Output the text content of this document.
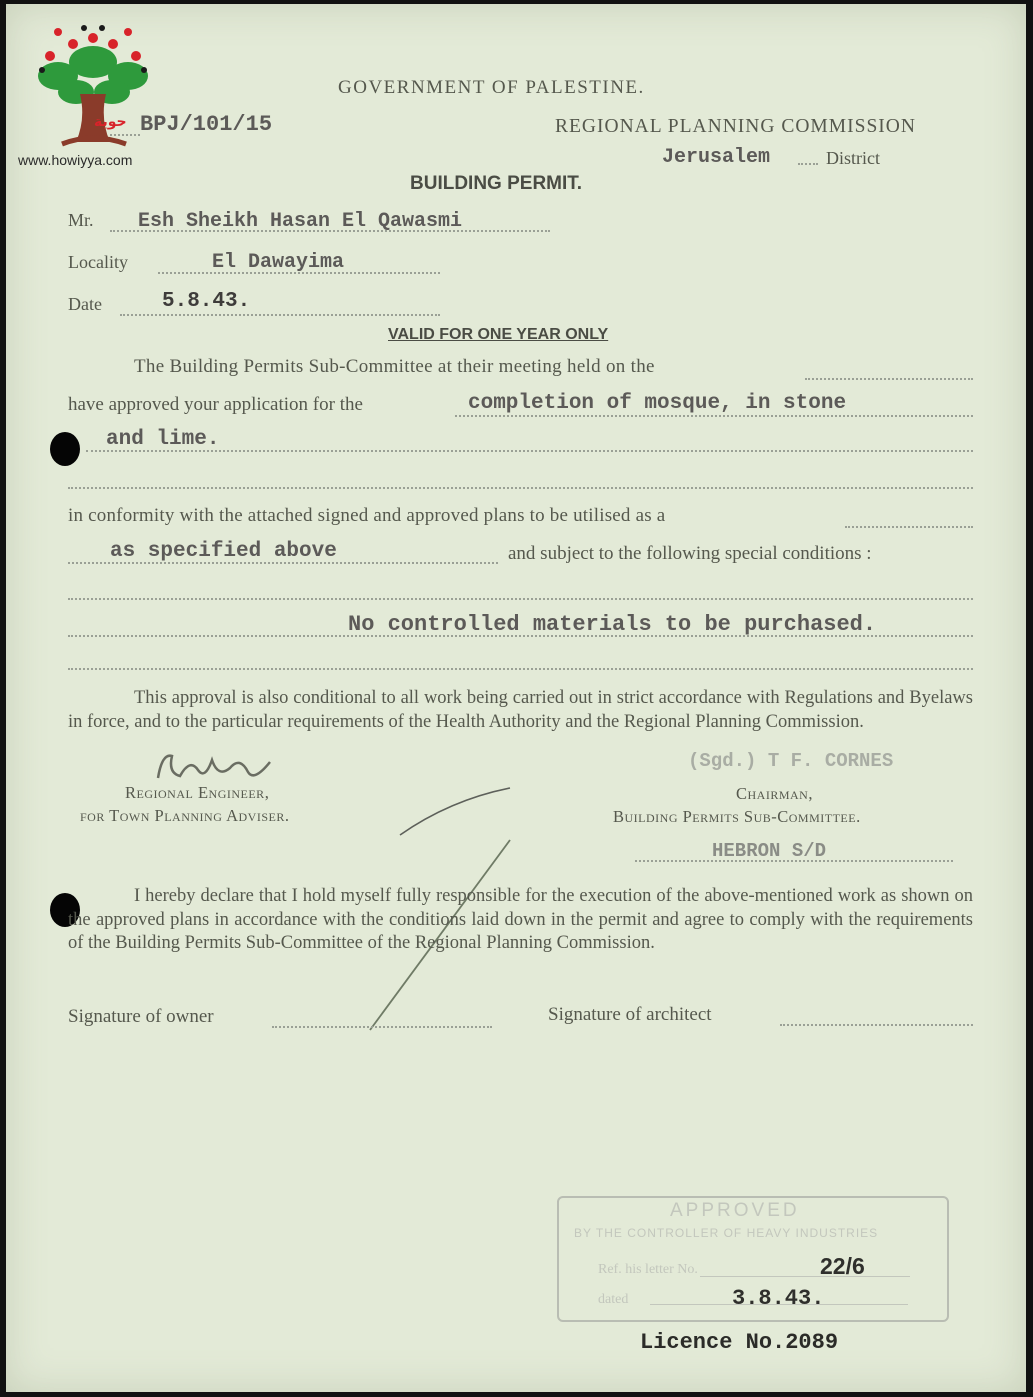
حوية
www.howiyya.com
GOVERNMENT OF PALESTINE.
BPJ/101/15	REGIONAL PLANNING COMMISSION
Jerusalem	District
BUILDING PERMIT.
Mr. Esh Sheikh Hasan El Qawasmi
Locality	El Dawayima
Date	5.8.43.
VALID FOR ONE YEAR ONLY
The Building Permits Sub-Committee at their meeting held on the
have approved your application for the	completion of mosque, in stone
and lime.
in conformity with the attached signed and approved plans to be utilised as a
as specified above	and subject to the following special conditions :
No controlled materials to be purchased.
This approval is also conditional to all work being carried out in strict accordance with Regulations and Byelaws in force, and to the particular requirements of the Health Authority and the Regional Planning Commission.
Regional Engineer,
for Town Planning Adviser.
(Sgd.) T F. CORNES
Chairman,
Building Permits Sub-Committee.
HEBRON S/D
I hereby declare that I hold myself fully responsible for the execution of the above-mentioned work as shown on the approved plans in accordance with the conditions laid down in the permit and agree to comply with the requirements of the Building Permits Sub-Committee of the Regional Planning Commission.
Signature of owner	Signature of architect
APPROVED
BY THE CONTROLLER OF HEAVY INDUSTRIES
Ref. his letter No.	22/6
dated	3.8.43.
Licence No.2089
